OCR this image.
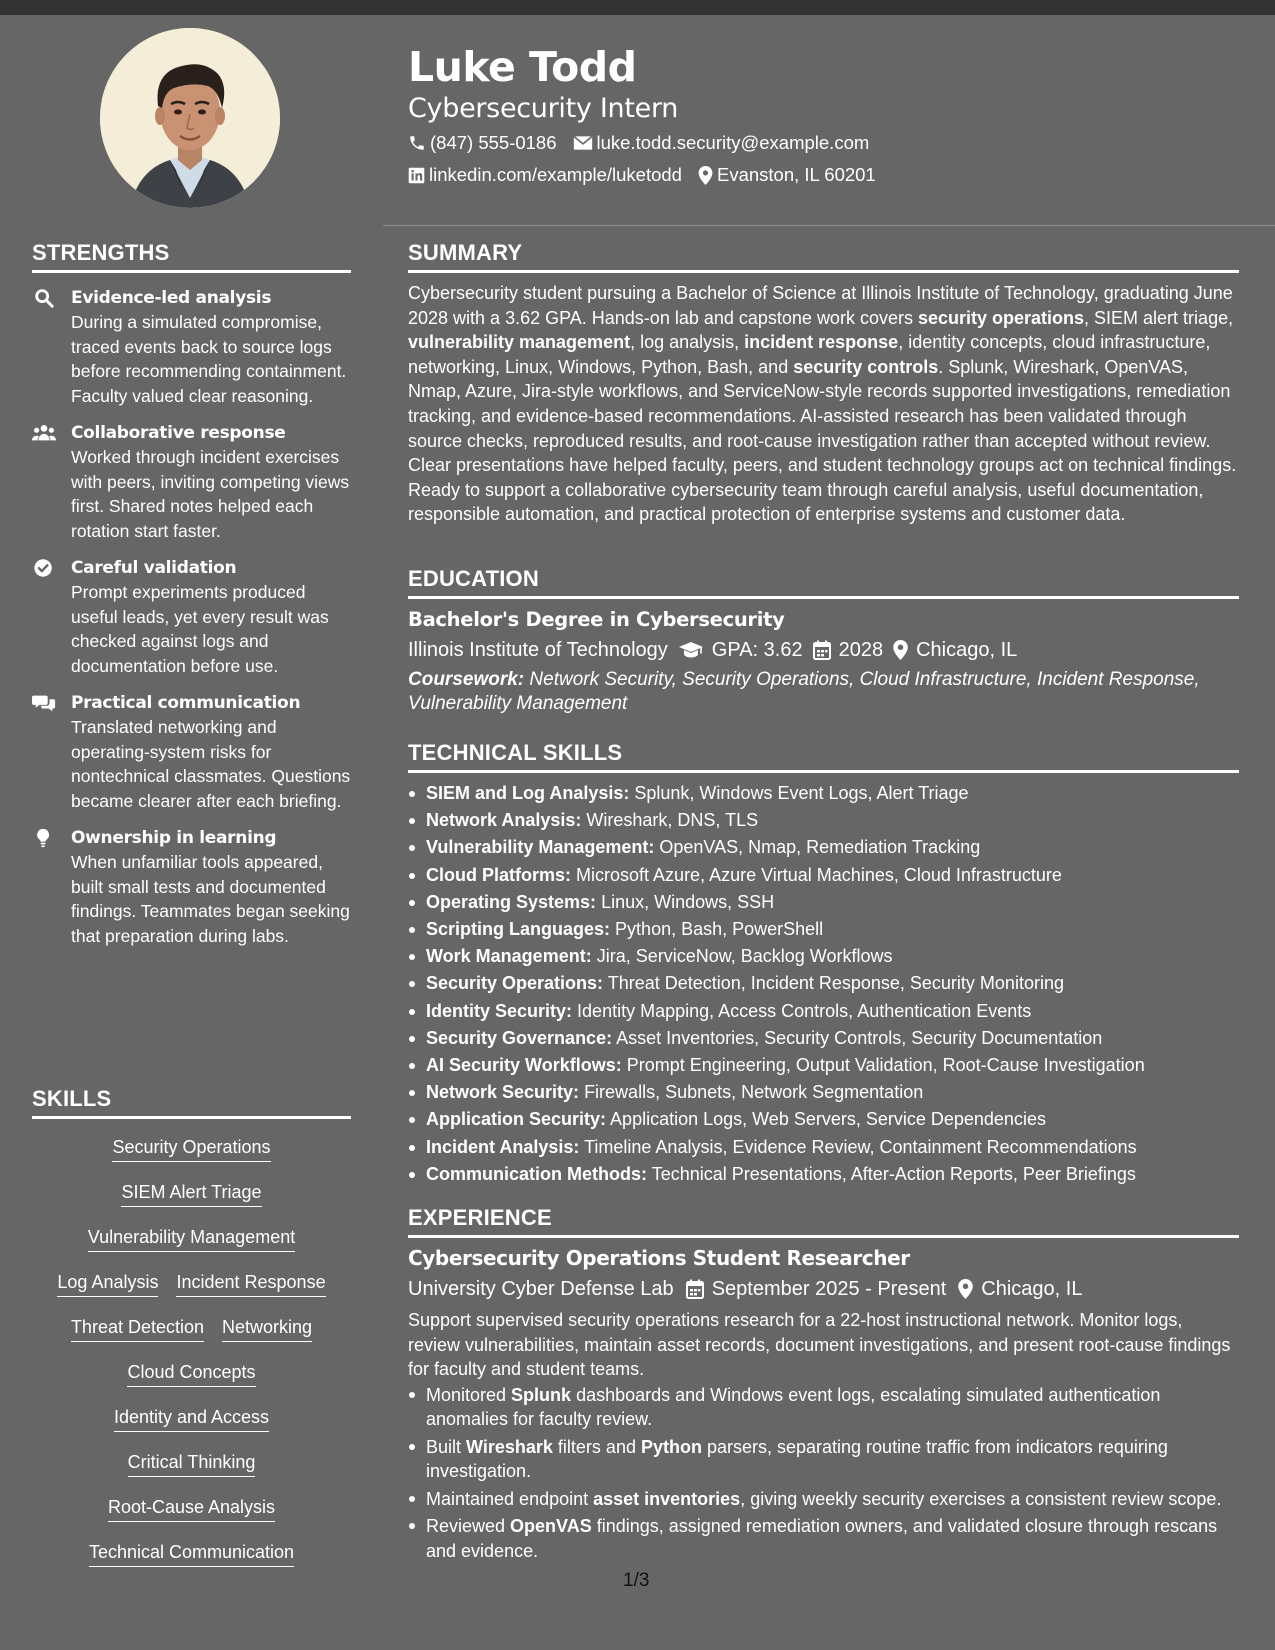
Luke Todd
Cybersecurity Intern
(847) 555-0186 luke.todd.security@example.com
linkedin.com/example/luketodd Evanston, IL 60201
STRENGTHS
Evidence-led analysis
During a simulated compromise, traced events back to source logs before recommending containment. Faculty valued clear reasoning.
Collaborative response
Worked through incident exercises with peers, inviting competing views first. Shared notes helped each rotation start faster.
Careful validation
Prompt experiments produced useful leads, yet every result was checked against logs and documentation before use.
Practical communication
Translated networking and operating-system risks for nontechnical classmates. Questions became clearer after each briefing.
Ownership in learning
When unfamiliar tools appeared, built small tests and documented findings. Teammates began seeking that preparation during labs.
SKILLS
Security Operations
SIEM Alert Triage
Vulnerability Management
Log Analysis Incident Response
Threat Detection Networking
Cloud Concepts
Identity and Access
Critical Thinking
Root-Cause Analysis
Technical Communication
SUMMARY

Cybersecurity student pursuing a Bachelor of Science at Illinois Institute of Technology, graduating June 2028 with a 3.62 GPA. Hands-on lab and capstone work covers security operations, SIEM alert triage, vulnerability management, log analysis, incident response, identity concepts, cloud infrastructure, networking, Linux, Windows, Python, Bash, and security controls. Splunk, Wireshark, OpenVAS, Nmap, Azure, Jira-style workflows, and ServiceNow-style records supported investigations, remediation tracking, and evidence-based recommendations. AI-assisted research has been validated through source checks, reproduced results, and root-cause investigation rather than accepted without review. Clear presentations have helped faculty, peers, and student technology groups act on technical findings. Ready to support a collaborative cybersecurity team through careful analysis, useful documentation, responsible automation, and practical protection of enterprise systems and customer data.

EDUCATION
Bachelor's Degree in Cybersecurity
Illinois Institute of Technology GPA: 3.62 2028 Chicago, IL
Coursework: Network Security, Security Operations, Cloud Infrastructure, Incident Response, Vulnerability Management
TECHNICAL SKILLS
SIEM and Log Analysis: Splunk, Windows Event Logs, Alert Triage
Network Analysis: Wireshark, DNS, TLS
Vulnerability Management: OpenVAS, Nmap, Remediation Tracking
Cloud Platforms: Microsoft Azure, Azure Virtual Machines, Cloud Infrastructure
Operating Systems: Linux, Windows, SSH
Scripting Languages: Python, Bash, PowerShell
Work Management: Jira, ServiceNow, Backlog Workflows
Security Operations: Threat Detection, Incident Response, Security Monitoring
Identity Security: Identity Mapping, Access Controls, Authentication Events
Security Governance: Asset Inventories, Security Controls, Security Documentation
AI Security Workflows: Prompt Engineering, Output Validation, Root-Cause Investigation
Network Security: Firewalls, Subnets, Network Segmentation
Application Security: Application Logs, Web Servers, Service Dependencies
Incident Analysis: Timeline Analysis, Evidence Review, Containment Recommendations
Communication Methods: Technical Presentations, After-Action Reports, Peer Briefings
EXPERIENCE
Cybersecurity Operations Student Researcher
University Cyber Defense Lab September 2025 - Present Chicago, IL

Support supervised security operations research for a 22-host instructional network. Monitor logs, review vulnerabilities, maintain asset records, document investigations, and present root-cause findings for faculty and student teams.

Monitored Splunk dashboards and Windows event logs, escalating simulated authentication anomalies for faculty review.
Built Wireshark filters and Python parsers, separating routine traffic from indicators requiring investigation.
Maintained endpoint asset inventories, giving weekly security exercises a consistent review scope.
Reviewed OpenVAS findings, assigned remediation owners, and validated closure through rescans and evidence.
1/3
